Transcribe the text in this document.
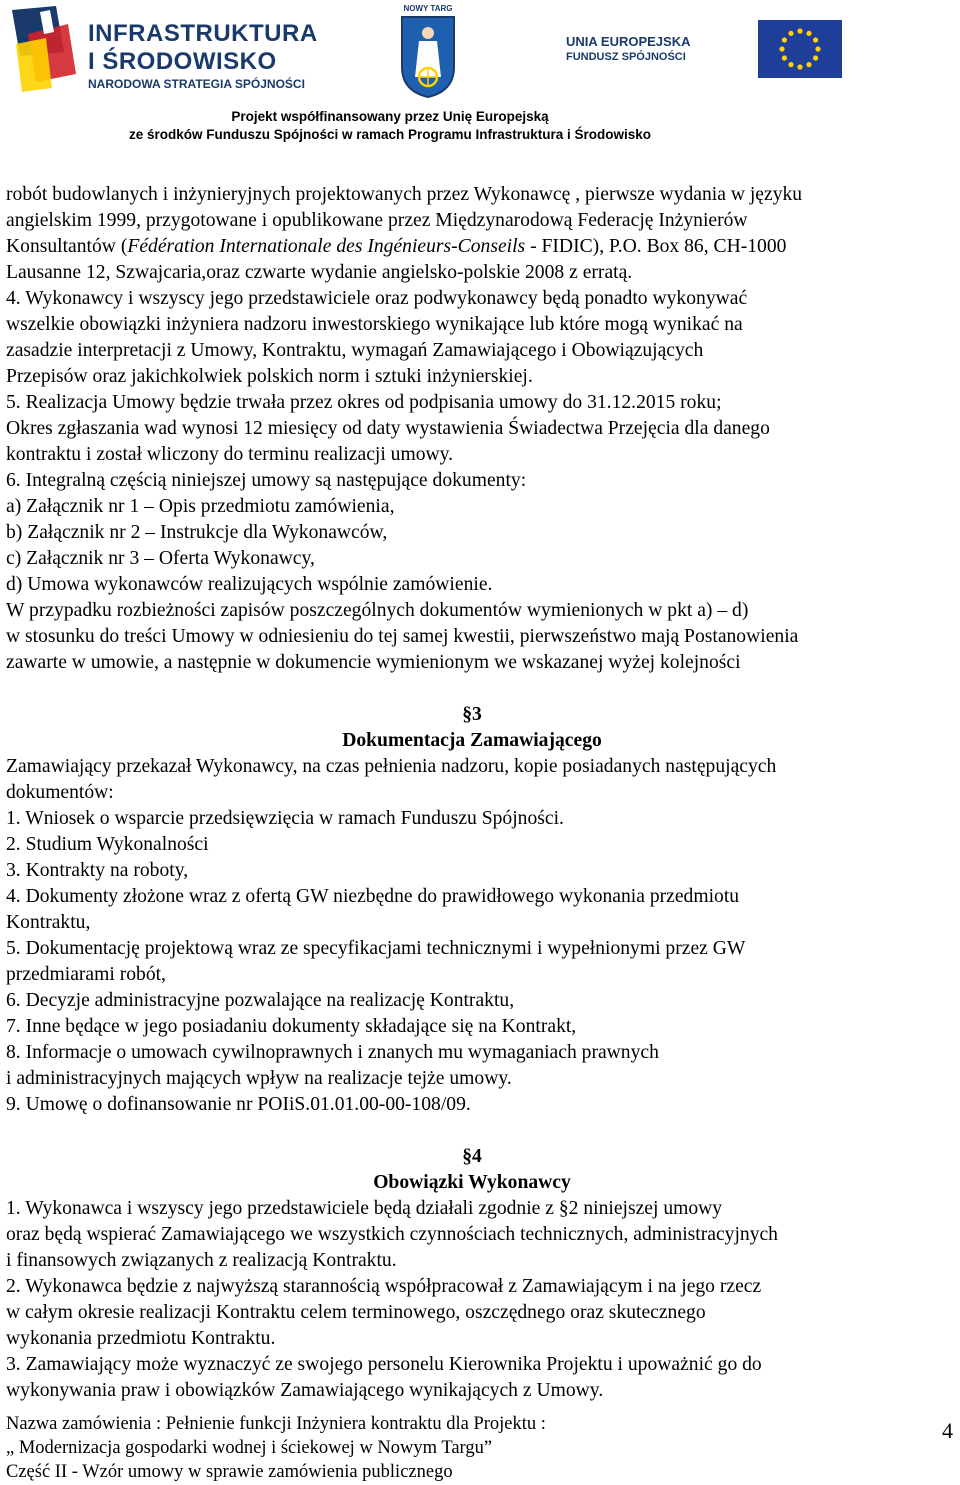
INFRASTRUKTURA
I ŚRODOWISKO
NARODOWA STRATEGIA SPÓJNOŚCI
NOWY TARG
UNIA EUROPEJSKA
FUNDUSZ SPÓJNOŚCI
Projekt współfinansowany przez Unię Europejską
ze środków Funduszu Spójności w ramach Programu Infrastruktura i Środowisko
robót budowlanych i inżynieryjnych projektowanych przez Wykonawcę , pierwsze wydania w języku
angielskim 1999, przygotowane i opublikowane przez Międzynarodową Federację Inżynierów
Konsultantów (Fédération Internationale des Ingénieurs-Conseils - FIDIC), P.O. Box 86, CH-1000
Lausanne 12, Szwajcaria,oraz czwarte wydanie angielsko-polskie 2008 z erratą.
4. Wykonawcy i wszyscy jego przedstawiciele oraz podwykonawcy będą ponadto wykonywać
wszelkie obowiązki inżyniera nadzoru inwestorskiego wynikające lub które mogą wynikać na
zasadzie interpretacji z Umowy, Kontraktu, wymagań Zamawiającego i Obowiązujących
Przepisów oraz jakichkolwiek polskich norm i sztuki inżynierskiej.
5. Realizacja Umowy będzie trwała przez okres od podpisania umowy do 31.12.2015 roku;
Okres zgłaszania wad wynosi 12 miesięcy od daty wystawienia Świadectwa Przejęcia dla danego
kontraktu i został wliczony do terminu realizacji umowy.
6. Integralną częścią niniejszej umowy są następujące dokumenty:
a) Załącznik nr 1 – Opis przedmiotu zamówienia,
b) Załącznik nr 2 – Instrukcje dla Wykonawców,
c) Załącznik nr 3 – Oferta Wykonawcy,
d) Umowa wykonawców realizujących wspólnie zamówienie.
W przypadku rozbieżności zapisów poszczególnych dokumentów wymienionych w pkt a) – d)
w stosunku do treści Umowy w odniesieniu do tej samej kwestii, pierwszeństwo mają Postanowienia
zawarte w umowie, a następnie w dokumencie wymienionym we wskazanej wyżej kolejności
§3
Dokumentacja Zamawiającego
Zamawiający przekazał Wykonawcy, na czas pełnienia nadzoru, kopie posiadanych następujących
dokumentów:
1. Wniosek o wsparcie przedsięwzięcia w ramach Funduszu Spójności.
2. Studium Wykonalności
3. Kontrakty na roboty,
4. Dokumenty złożone wraz z ofertą GW niezbędne do prawidłowego wykonania przedmiotu
Kontraktu,
5. Dokumentację projektową wraz ze specyfikacjami technicznymi i wypełnionymi przez GW
przedmiarami robót,
6. Decyzje administracyjne pozwalające na realizację Kontraktu,
7. Inne będące w jego posiadaniu dokumenty składające się na Kontrakt,
8. Informacje o umowach cywilnoprawnych i znanych mu wymaganiach prawnych
i administracyjnych mających wpływ na realizacje tejże umowy.
9. Umowę o dofinansowanie nr POIiS.01.01.00-00-108/09.
§4
Obowiązki Wykonawcy
1. Wykonawca i wszyscy jego przedstawiciele będą działali zgodnie z §2 niniejszej umowy
oraz będą wspierać Zamawiającego we wszystkich czynnościach technicznych, administracyjnych
i finansowych związanych z realizacją Kontraktu.
2. Wykonawca będzie z najwyższą starannością współpracował z Zamawiającym i na jego rzecz
w całym okresie realizacji Kontraktu celem terminowego, oszczędnego oraz skutecznego
wykonania przedmiotu Kontraktu.
3. Zamawiający może wyznaczyć ze swojego personelu Kierownika Projektu i upoważnić go do
wykonywania praw i obowiązków Zamawiającego wynikających z Umowy.
Nazwa zamówienia : Pełnienie funkcji Inżyniera kontraktu dla Projektu :
„ Modernizacja gospodarki wodnej i ściekowej w Nowym Targu”
Część II - Wzór umowy w sprawie zamówienia publicznego
4
